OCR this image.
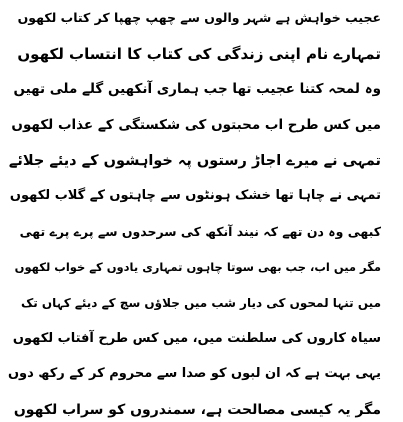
عجیب خواہش ہے شہر والوں سے چھپ چھپا کر کتاب لکھوں
تمہارے نام اپنی زندگی کی کتاب کا انتساب لکھوں
وہ لمحہ کتنا عجیب تھا جب ہماری آنکھیں گلے ملی تھیں
میں کس طرح اب محبتوں کی شکستگی کے عذاب لکھوں
تمہی نے میرے اجاڑ رستوں پہ خواہشوں کے دیئے جلائے
تمہی نے چاہا تھا خشک ہونٹوں سے چاہتوں کے گلاب لکھوں
کبھی وہ دن تھے کہ نیند آنکھ کی سرحدوں سے پرے پرے تھی
مگر میں اب، جب بھی سوتا چاہوں تمہاری یادوں کے خواب لکھوں
میں تنہا لمحوں کی دیار شب میں جلاؤں سچ کے دیئے کہاں تک
سیاہ کاروں کی سلطنت میں، میں کس طرح آفتاب لکھوں
یہی بہت ہے کہ ان لبوں کو صدا سے محروم کر کے رکھ دوں
مگر یہ کیسی مصالحت ہے، سمندروں کو سراب لکھوں
